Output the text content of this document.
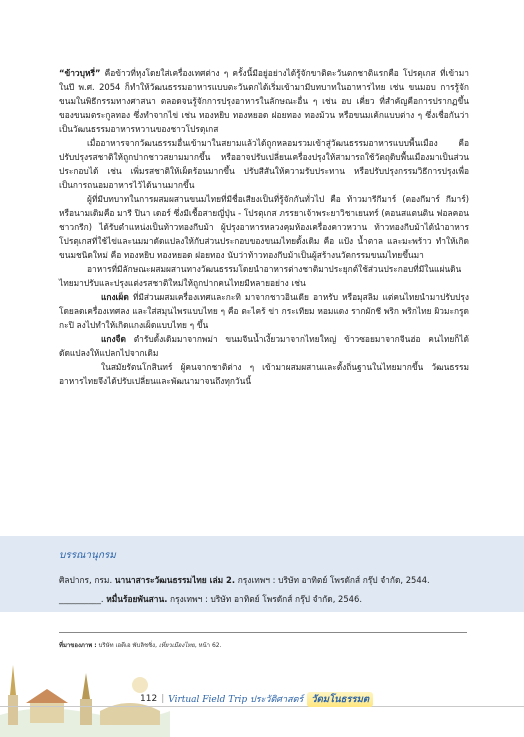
“ข้าวบุหรี่” คือข้าวที่หุงโดยใส่เครื่องเทศต่าง ๆ ครั้งนี้มีอยู่อย่างได้รู้จักขาติตะวันตกชาติแรกคือ โปรตุเกส ที่เข้ามาในปี พ.ศ. 2054 ก็ทำให้วัฒนธรรมอาหารแบบตะวันตกได้เริ่มเข้ามามีบทบาทในอาหารไทย เช่น ขนมอบ การรู้จักขนมในพิธีกรรมทางศาสนา ตลอดจนรู้จักการปรุงอาหารในลักษณะอื่น ๆ เช่น อบ เคี่ยว ที่สำคัญคือการปรากฏขึ้นของขนมตระกูลทอง ซึ่งทำจากไข่ เช่น ทองหยิบ ทองหยอด ฝอยทอง ทองม้วน หรือขนมเค้กแบบต่าง ๆ ซึ่งเชื่อกันว่าเป็นวัฒนธรรมอาหารหวานของชาวโปรตุเกส

เมื่ออาหารจากวัฒนธรรมอื่นเข้ามาในสยามแล้วได้ถูกหลอมรวมเข้าสู่วัฒนธรรมอาหารแบบพื้นเมือง คือปรับปรุงรสชาติให้ถูกปากชาวสยามมากขึ้น หรืออาจปรับเปลี่ยนเครื่องปรุงให้สามารถใช้วัตถุดิบพื้นเมืองมาเป็นส่วนประกอบได้ เช่น เพิ่มรสชาติให้เผ็ดร้อนมากขึ้น ปรับสีสันให้ความรับประทาน หรือปรับปรุงกรรมวิธีการปรุงเพื่อเป็นการถนอมอาหารไว้ได้นานมากขึ้น

ผู้ที่มีบทบาทในการผสมผสานขนมไทยที่มีชื่อเสียงเป็นที่รู้จักกันทั่วไป คือ ท้าวมารีกีมาร์ (ตองกีมาร์ กีมาร์) หรือนามเดิมคือ มารี ปินา เดอร์ ซึ่งมีเชื้อสายญี่ปุ่น - โปรตุเกส ภรรยาเจ้าพระยาวิชาเยนทร์ (คอนสแตนติน ฟอลคอน ชาวกรีก) ได้รับตำแหน่งเป็นท้าวทองกีบม้า ผู้ปรุงอาหารหลวงคุมห้องเครื่องคาวหวาน ท้าวทองกีบม้าได้นำอาหารโปรตุเกสที่ใช้ไข่และนมมาดัดแปลงให้กับส่วนประกอบของขนมไทยดั้งเดิม คือ แป้ง น้ำตาล และมะพร้าว ทำให้เกิดขนมชนิดใหม่ คือ ทองหยิบ ทองหยอด ฝอยทอง นับว่าท้าวทองกีบม้าเป็นผู้สร้างนวัตกรรมขนมไทยขึ้นมา

อาหารที่มีลักษณะผสมผสานทางวัฒนธรรมโดยนำอาหารต่างชาติมาประยุกต์ใช้ส่วนประกอบที่มีในแผ่นดินไทยมาปรับและปรุงแต่งรสชาติใหม่ให้ถูกปากคนไทยมีหลายอย่าง เช่น

แกงเผ็ด ที่มีส่วนผสมเครื่องเทศและกะทิ มาจากชาวอินเดีย อาหรับ หรือมุสลิม แต่คนไทยนำมาปรับปรุงโดยลดเครื่องเทศลง และใส่สมุนไพรแบบไทย ๆ คือ ตะไคร้ ข่า กระเทียม หอมแดง รากผักชี พริก พริกไทย ผิวมะกรูด กะปิ ลงไปทำให้เกิดแกงเผ็ดแบบไทย ๆ ขึ้น

แกงจืด ตำรับดั้งเดิมมาจากพม่า ขนมจีนน้ำเงี้ยวมาจากไทยใหญ่ ข้าวซอยมาจากจีนฮ่อ คนไทยก็ได้ดัดแปลงให้แปลกไปจากเดิม

ในสมัยรัตนโกสินทร์ ผู้คนจากชาติต่าง ๆ เข้ามาผสมผสานและตั้งถิ่นฐานในไทยมากขึ้น วัฒนธรรมอาหารไทยจึงได้ปรับเปลี่ยนและพัฒนามาจนถึงทุกวันนี้

บรรณานุกรม
ศิลปากร, กรม. นานาสาระวัฒนธรรมไทย เล่ม 2. กรุงเทพฯ : บริษัท อาทิตย์ โพรดักส์ กรุ๊ป จำกัด, 2544.
__________. หมื่นร้อยพันสาน. กรุงเทพฯ : บริษัท อาทิตย์ โพรดักส์ กรุ๊ป จำกัด, 2546.
ที่มาของภาพ : บริษัท เอดีเอ พับลิชชิ่ง, เที่ยวเมืองไทย, หน้า 62.
112 | Virtual Field Trip ประวัติศาสตร์ วัดมโนธรรมต
